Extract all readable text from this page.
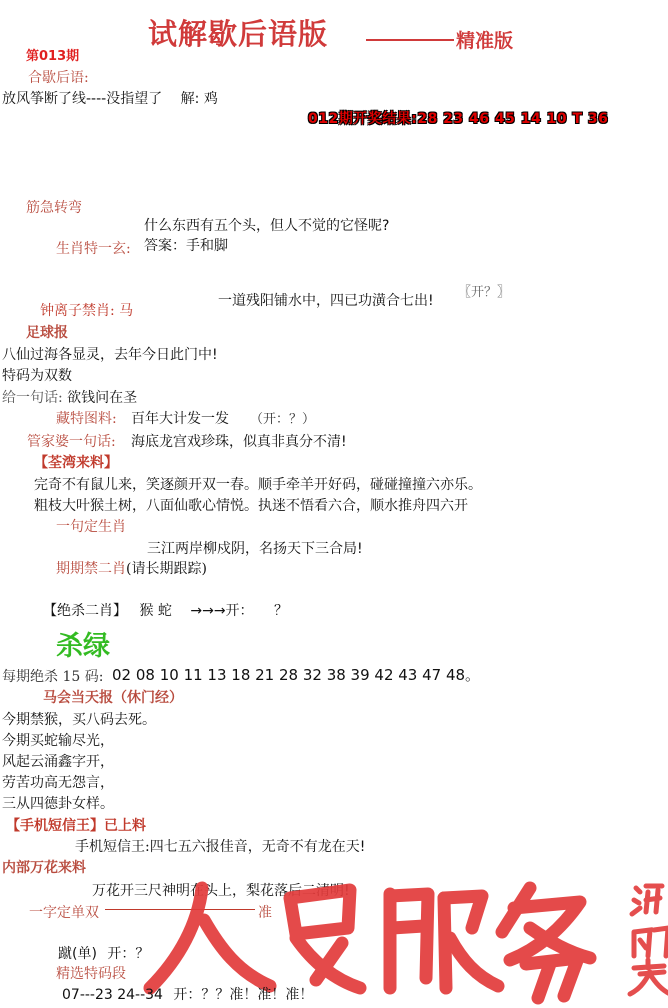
试解歇后语版	精准版
第013期
合歇后语:
放风筝断了线----没指望了 解: 鸡
012期开奖结果:28 23 46 45 14 10 T 36
筋急转弯
什么东西有五个头，但人不觉的它怪呢?
生肖特一玄: 答案：手和脚
一道残阳铺水中，四已功潢合七出!
〖开？〗
钟离子禁肖: 马
足球报
八仙过海各显灵，去年今日此门中!
特码为双数
给一句话: 欲钱问在圣
藏特图料: 百年大计发一发 （开：？）
管家婆一句话: 海底龙宫戏珍珠，似真非真分不清!
【荃湾来料】
完奇不有鼠儿来，笑逐颜开双一春。顺手牵羊开好码，碰碰撞撞六亦乐。
粗枝大叶猴土树，八面仙歌心情悦。执迷不悟看六合，顺水推舟四六开
一句定生肖
三江两岸柳戍阴，名扬天下三合局!
期期禁二肖(请长期跟踪)
【绝杀二肖】 猴 蛇 →→→开： ？
杀绿
每期绝杀 15 码: 02 08 10 11 13 18 21 28 32 38 39 42 43 47 48。
马会当天报（休门经）
今期禁猴，买八码去死。
今期买蛇输尽光，
风起云涌鑫字开，
劳苦功高无怨言，
三从四德卦女样。
【手机短信王】已上料
手机短信王:四七五六报佳音，无奇不有龙在天!
内部万花来料
万花开三尺神明在头上，梨花落后二清明!
一字定单双	准
蹴(单) 开：？
精选特码段
07---23 24--34 开：？？准！准！准！
